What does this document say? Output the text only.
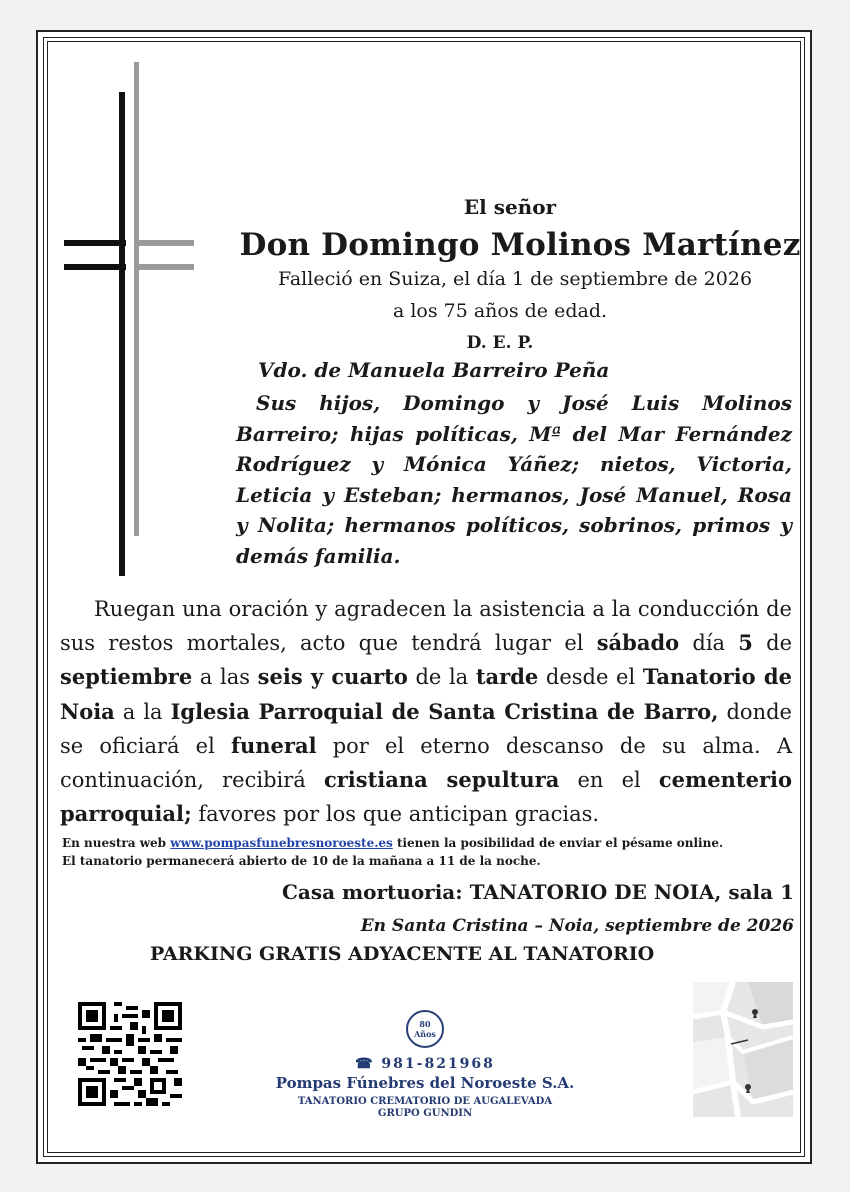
El señor
Don Domingo Molinos Martínez
Falleció en Suiza, el día 1 de septiembre de 2026
a los 75 años de edad.
D. E. P.
Vdo. de Manuela Barreiro Peña
Sus hijos, Domingo y José Luis Molinos Barreiro; hijas políticas, Mª del Mar Fernández Rodríguez y Mónica Yáñez; nietos, Victoria, Leticia y Esteban; hermanos, José Manuel, Rosa y Nolita; hermanos políticos, sobrinos, primos y demás familia.
Ruegan una oración y agradecen la asistencia a la conducción de sus restos mortales, acto que tendrá lugar el sábado día 5 de septiembre a las seis y cuarto de la tarde desde el Tanatorio de Noia a la Iglesia Parroquial de Santa Cristina de Barro, donde se oficiará el funeral por el eterno descanso de su alma. A continuación, recibirá cristiana sepultura en el cementerio parroquial; favores por los que anticipan gracias.
En nuestra web www.pompasfunebresnoroeste.es tienen la posibilidad de enviar el pésame online.
El tanatorio permanecerá abierto de 10 de la mañana a 11 de la noche.
Casa mortuoria: TANATORIO DE NOIA, sala 1
En Santa Cristina – Noia, septiembre de 2026
PARKING GRATIS ADYACENTE AL TANATORIO
80
Años
☎ 981-821968
Pompas Fúnebres del Noroeste S.A.
TANATORIO CREMATORIO DE AUGALEVADA
GRUPO GUNDIN
